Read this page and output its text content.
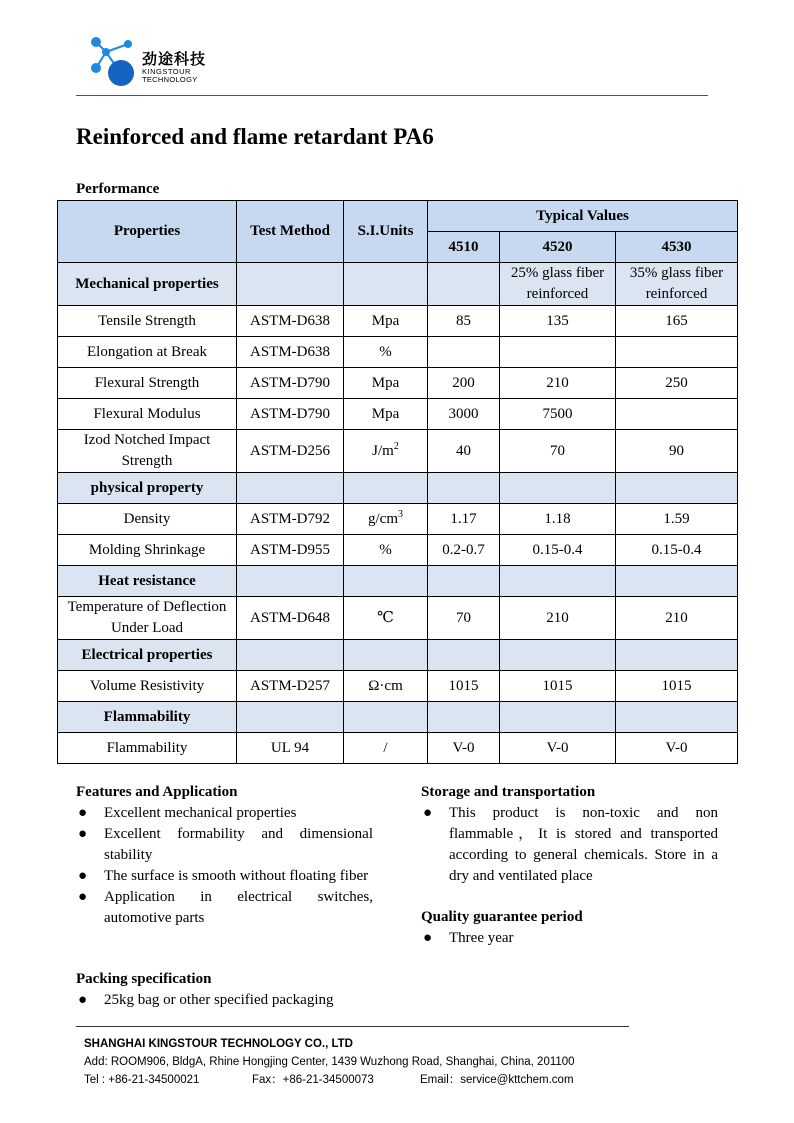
劲途科技
KINGSTOUR
TECHNOLOGY
Reinforced and flame retardant PA6
Performance
Properties	Test Method	S.I.Units	Typical Values		
			4510	4520	4530
Mechanical properties				25% glass fiber reinforced	35% glass fiber reinforced
Tensile Strength	ASTM-D638	Mpa	85	135	165
Elongation at Break	ASTM-D638	%			
Flexural Strength	ASTM-D790	Mpa	200	210	250
Flexural Modulus	ASTM-D790	Mpa	3000	7500	
Izod Notched Impact Strength	ASTM-D256	$J/m^2$	40	70	90
physical property					
Density	ASTM-D792	$g/cm^3$	1.17	1.18	1.59
Molding Shrinkage	ASTM-D955	%	0.2-0.7	0.15-0.4	0.15-0.4
Heat resistance					
Temperature of Deflection Under Load	ASTM-D648	℃	70	210	210
Electrical properties					
Volume Resistivity	ASTM-D257	Ω·cm	1015	1015	1015
Flammability					
Flammability	UL 94	/	V-0	V-0	V-0
Features and Application
● Excellent mechanical properties
● Excellent formability and dimensional stability
● The surface is smooth without floating fiber
● Application in electrical switches, automotive parts
Storage and transportation
● This product is non-toxic and non flammable，It is stored and transported according to general chemicals. Store in a dry and ventilated place
Quality guarantee period
● Three year
Packing specification
● 25kg bag or other specified packaging
SHANGHAI KINGSTOUR TECHNOLOGY CO., LTD
Add: ROOM906, BldgA, Rhine Hongjing Center, 1439 Wuzhong Road, Shanghai, China, 201100
Tel : +86-21-34500021	Fax：+86-21-34500073	Email：service@kttchem.com
